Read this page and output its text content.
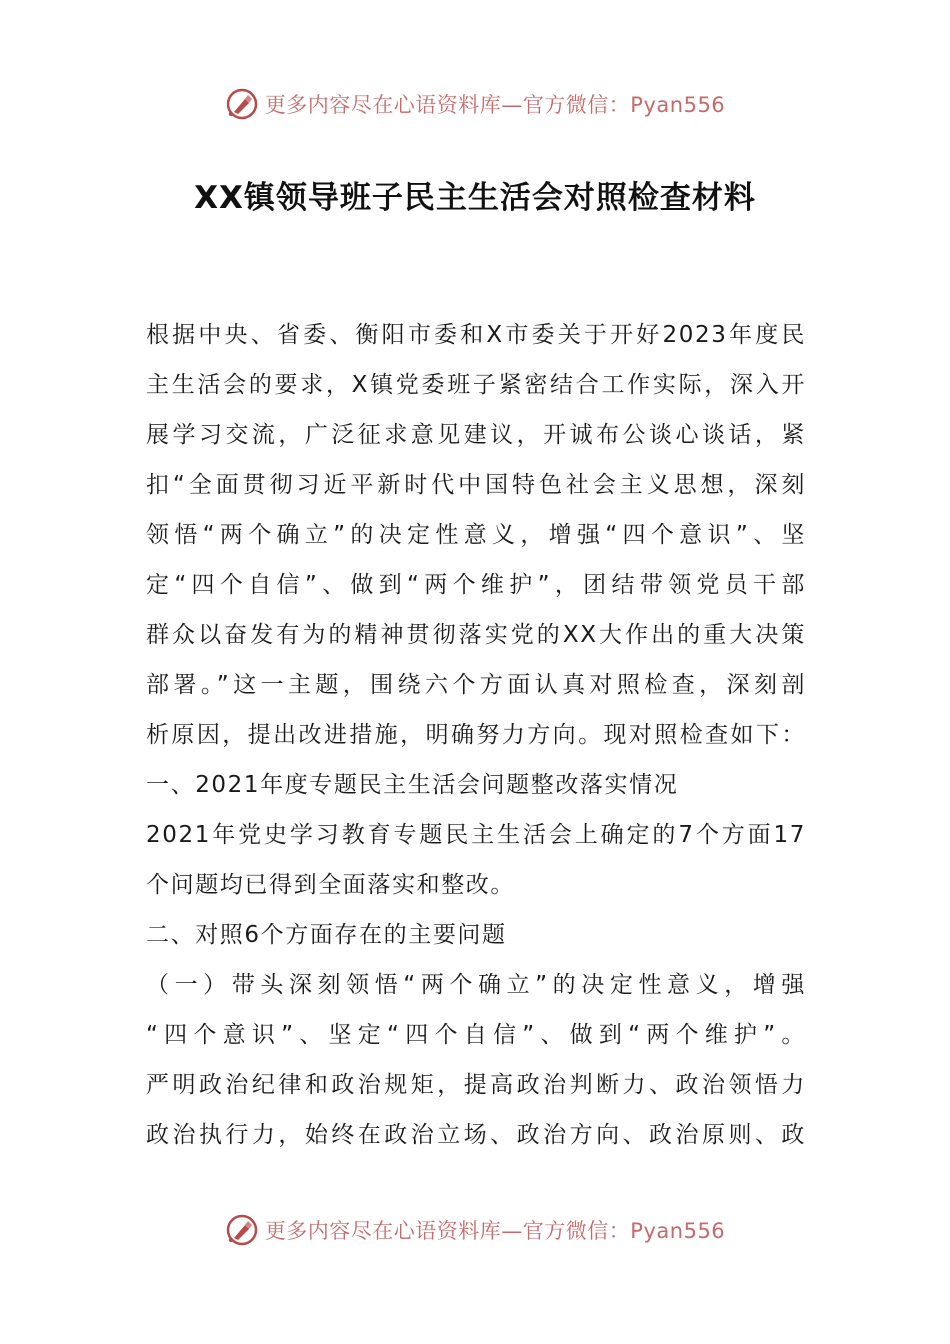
更多内容尽在心语资料库—官方微信：Pyan556
XX镇领导班子民主生活会对照检查材料
根据中央、省委、衡阳市委和X市委关于开好2023年度民
主生活会的要求，X镇党委班子紧密结合工作实际，深入开
展学习交流，广泛征求意见建议，开诚布公谈心谈话，紧
扣“全面贯彻习近平新时代中国特色社会主义思想，深刻
领悟“两个确立”的决定性意义，增强“四个意识”、坚
定“四个自信”、做到“两个维护”，团结带领党员干部
群众以奋发有为的精神贯彻落实党的XX大作出的重大决策
部署。”这一主题，围绕六个方面认真对照检查，深刻剖
析原因，提出改进措施，明确努力方向。现对照检查如下：
一、2021年度专题民主生活会问题整改落实情况
2021年党史学习教育专题民主生活会上确定的7个方面17
个问题均已得到全面落实和整改。
二、对照6个方面存在的主要问题
（一）带头深刻领悟“两个确立”的决定性意义，增强
“四个意识”、坚定“四个自信”、做到“两个维护”。
严明政治纪律和政治规矩，提高政治判断力、政治领悟力
政治执行力，始终在政治立场、政治方向、政治原则、政
更多内容尽在心语资料库—官方微信：Pyan556
